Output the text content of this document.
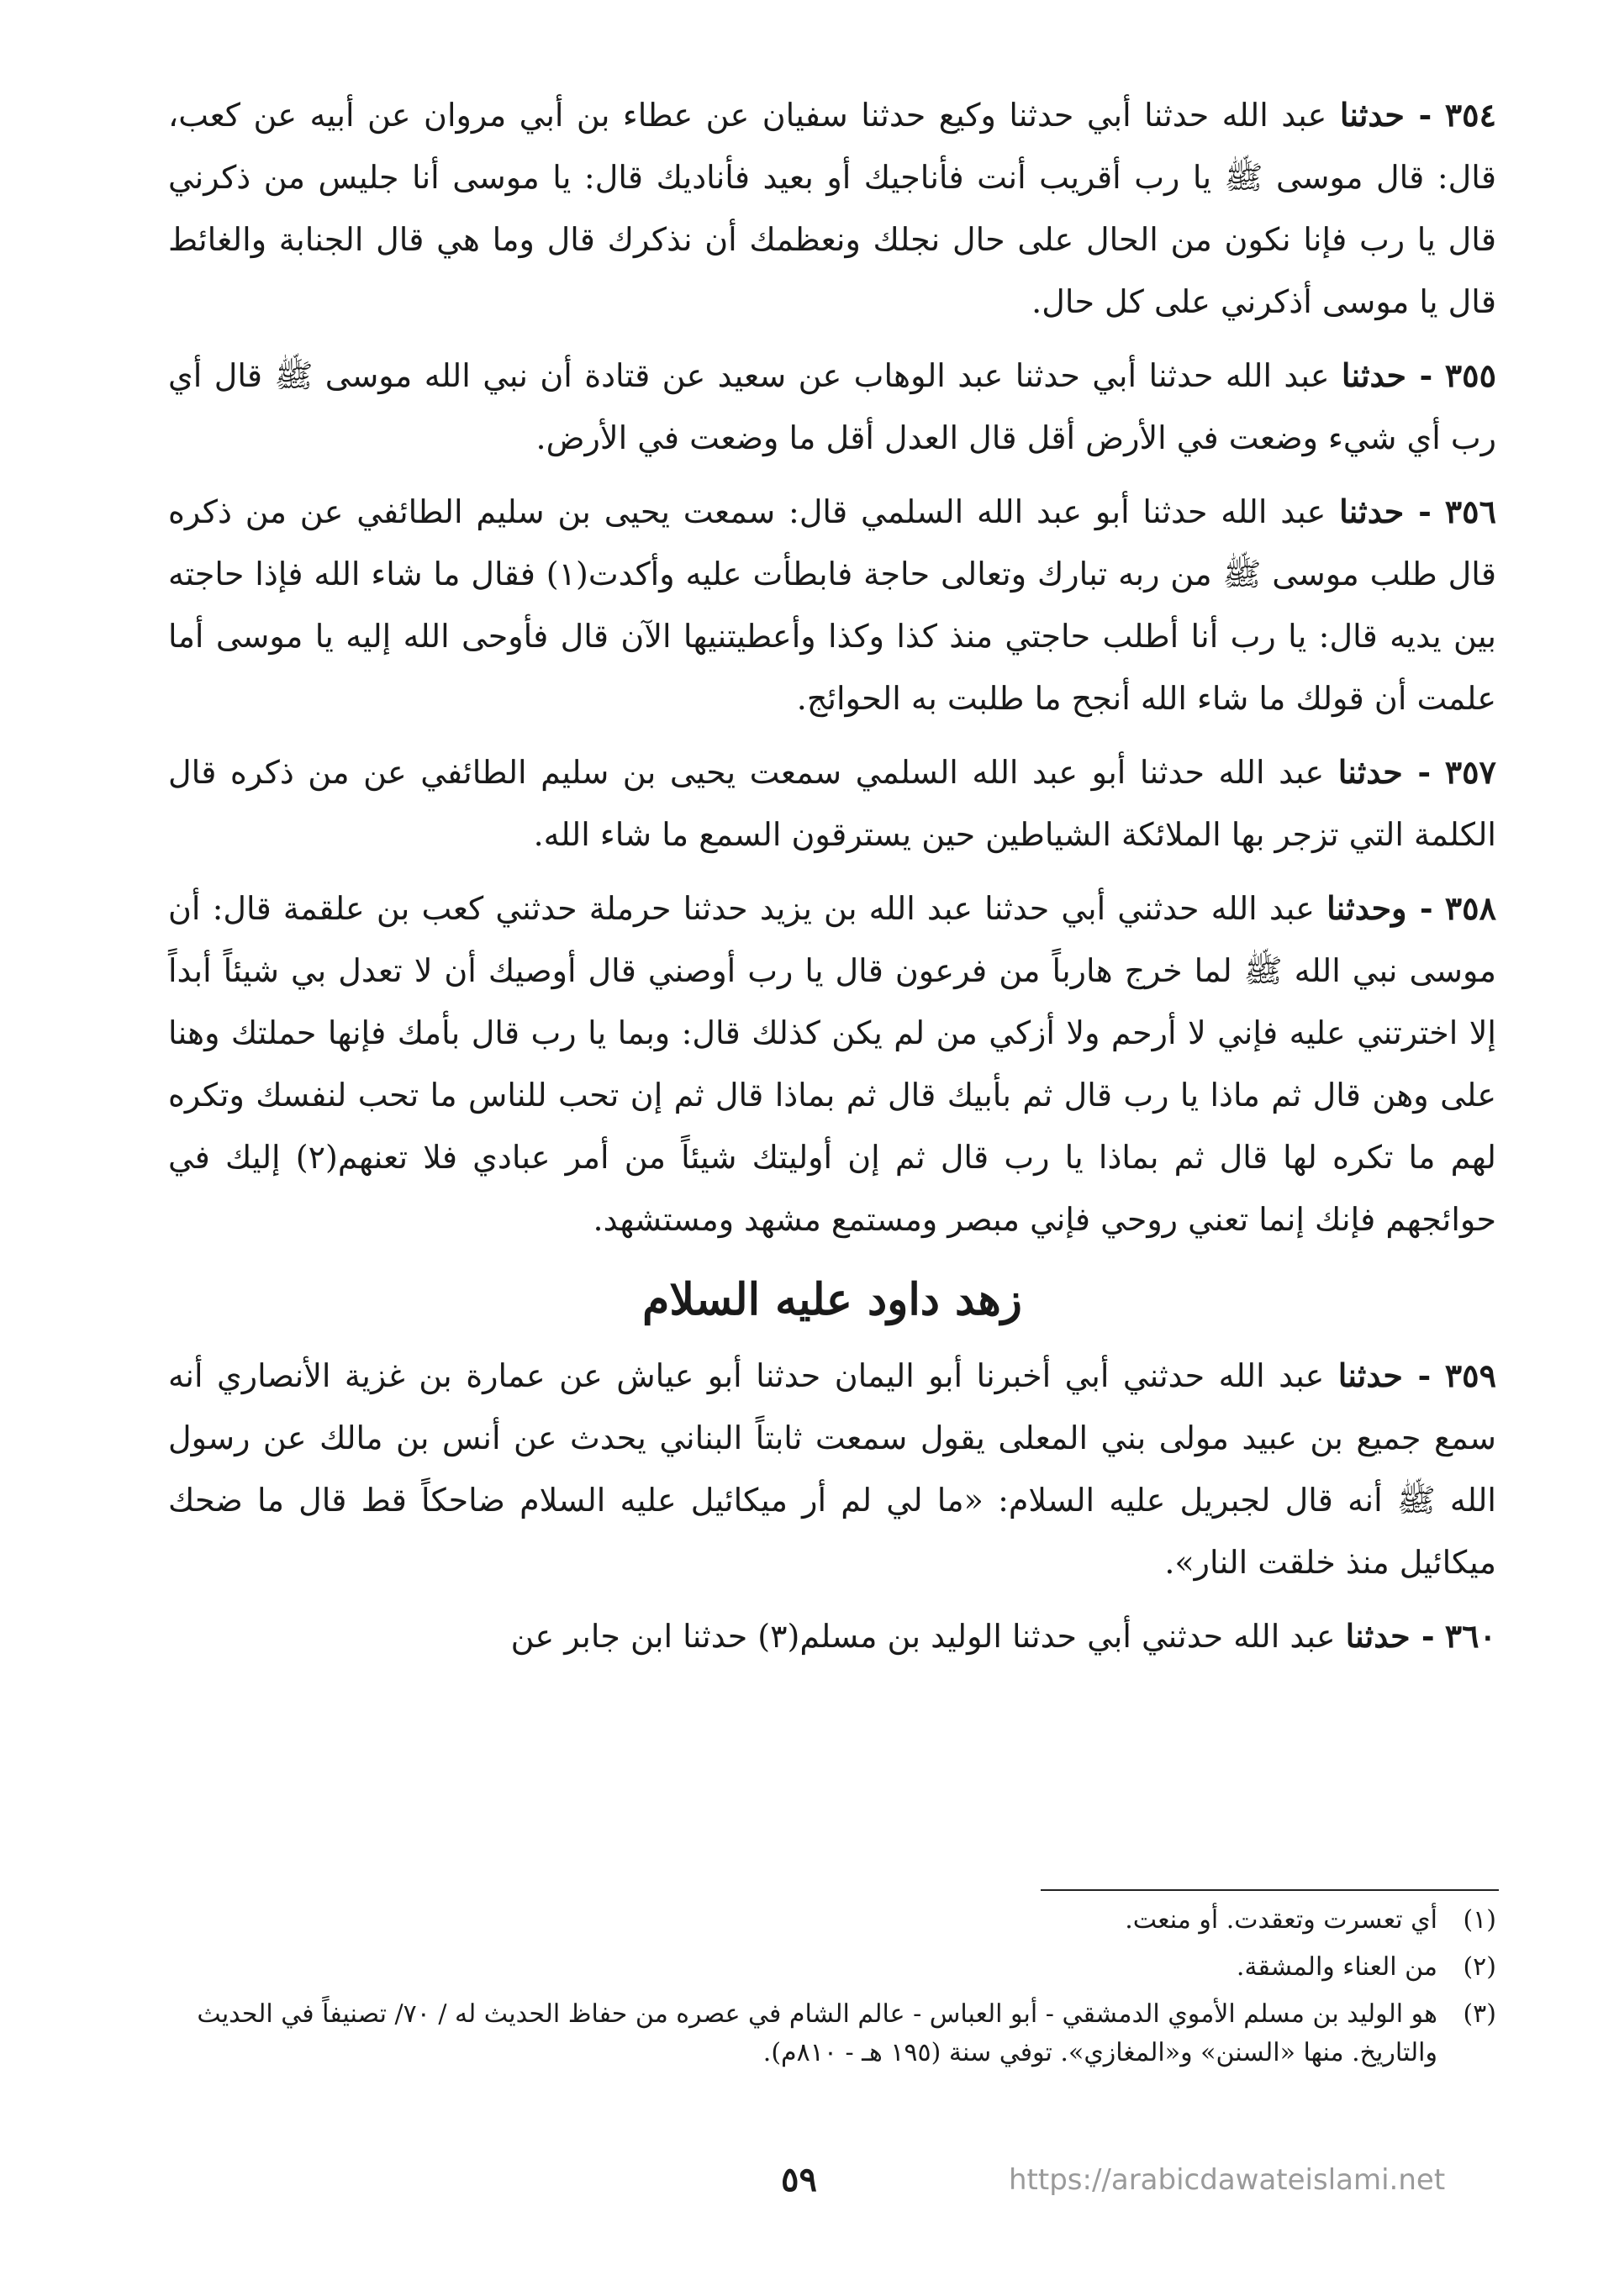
٣٥٤ - حدثنا عبد الله حدثنا أبي حدثنا وكيع حدثنا سفيان عن عطاء بن أبي مروان عن أبيه عن كعب، قال: قال موسى ﷺ يا رب أقريب أنت فأناجيك أو بعيد فأناديك قال: يا موسى أنا جليس من ذكرني قال يا رب فإنا نكون من الحال على حال نجلك ونعظمك أن نذكرك قال وما هي قال الجنابة والغائط قال يا موسى أذكرني على كل حال.

٣٥٥ - حدثنا عبد الله حدثنا أبي حدثنا عبد الوهاب عن سعيد عن قتادة أن نبي الله موسى ﷺ قال أي رب أي شيء وضعت في الأرض أقل قال العدل أقل ما وضعت في الأرض.

٣٥٦ - حدثنا عبد الله حدثنا أبو عبد الله السلمي قال: سمعت يحيى بن سليم الطائفي عن من ذكره قال طلب موسى ﷺ من ربه تبارك وتعالى حاجة فابطأت عليه وأكدت(١) فقال ما شاء الله فإذا حاجته بين يديه قال: يا رب أنا أطلب حاجتي منذ كذا وكذا وأعطيتنيها الآن قال فأوحى الله إليه يا موسى أما علمت أن قولك ما شاء الله أنجح ما طلبت به الحوائج.

٣٥٧ - حدثنا عبد الله حدثنا أبو عبد الله السلمي سمعت يحيى بن سليم الطائفي عن من ذكره قال الكلمة التي تزجر بها الملائكة الشياطين حين يسترقون السمع ما شاء الله.

٣٥٨ - وحدثنا عبد الله حدثني أبي حدثنا عبد الله بن يزيد حدثنا حرملة حدثني كعب بن علقمة قال: أن موسى نبي الله ﷺ لما خرج هارباً من فرعون قال يا رب أوصني قال أوصيك أن لا تعدل بي شيئاً أبداً إلا اخترتني عليه فإني لا أرحم ولا أزكي من لم يكن كذلك قال: وبما يا رب قال بأمك فإنها حملتك وهنا على وهن قال ثم ماذا يا رب قال ثم بأبيك قال ثم بماذا قال ثم إن تحب للناس ما تحب لنفسك وتكره لهم ما تكره لها قال ثم بماذا يا رب قال ثم إن أوليتك شيئاً من أمر عبادي فلا تعنهم(٢) إليك في حوائجهم فإنك إنما تعني روحي فإني مبصر ومستمع مشهد ومستشهد.

زهد داود عليه السلام

٣٥٩ - حدثنا عبد الله حدثني أبي أخبرنا أبو اليمان حدثنا أبو عياش عن عمارة بن غزية الأنصاري أنه سمع جميع بن عبيد مولى بني المعلى يقول سمعت ثابتاً البناني يحدث عن أنس بن مالك عن رسول الله ﷺ أنه قال لجبريل عليه السلام: «ما لي لم أر ميكائيل عليه السلام ضاحكاً قط قال ما ضحك ميكائيل منذ خلقت النار».

٣٦٠ - حدثنا عبد الله حدثني أبي حدثنا الوليد بن مسلم(٣) حدثنا ابن جابر عن

(١)
أي تعسرت وتعقدت. أو منعت.
(٢)
من العناء والمشقة.
(٣)
هو الوليد بن مسلم الأموي الدمشقي - أبو العباس - عالم الشام في عصره من حفاظ الحديث له / ٧٠/ تصنيفاً في الحديث والتاريخ. منها «السنن» و«المغازي». توفي سنة (١٩٥ هـ - ٨١٠م).
٥٩	https://arabicdawateislami.net
